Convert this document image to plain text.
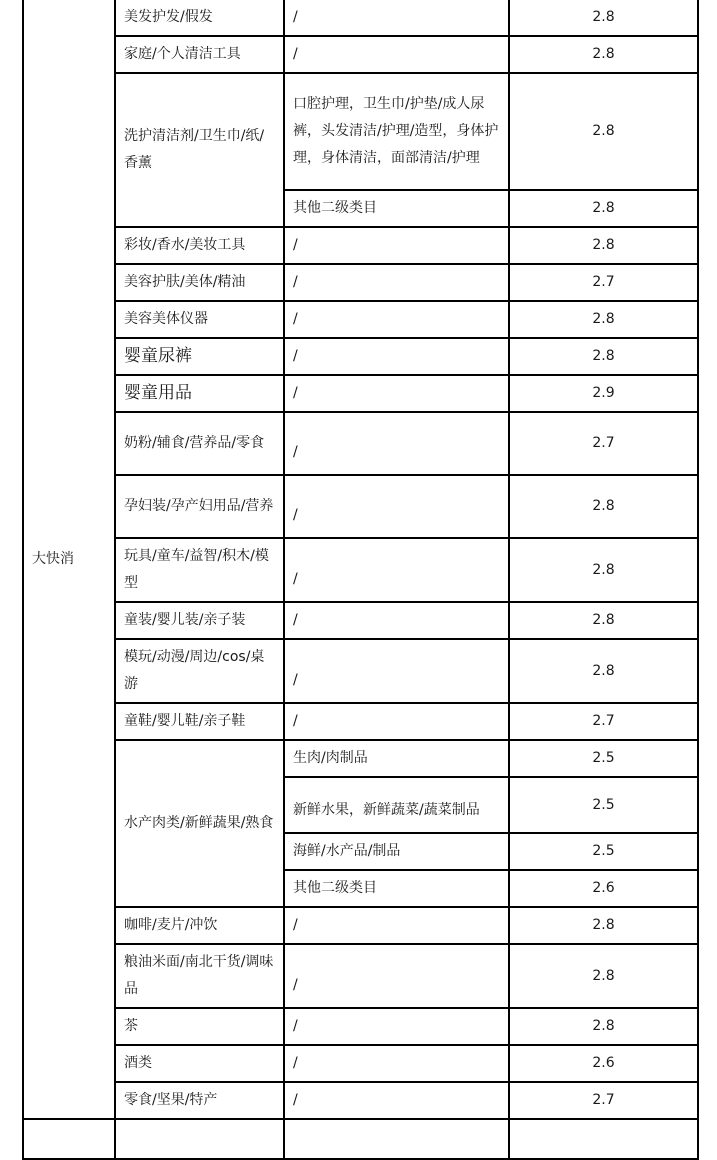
大快消	美发护发/假发	/	2.8
	家庭/个人清洁工具	/	2.8
	洗护清洁剂/卫生巾/纸/香薰	口腔护理，卫生巾/护垫/成人尿裤，头发清洁/护理/造型，身体护理，身体清洁，面部清洁/护理	2.8
		其他二级类目	2.8
	彩妆/香水/美妆工具	/	2.8
	美容护肤/美体/精油	/	2.7
	美容美体仪器	/	2.8
	婴童尿裤	/	2.8
	婴童用品	/	2.9
	奶粉/辅食/营养品/零食	/	2.7
	孕妇装/孕产妇用品/营养	/	2.8
	玩具/童车/益智/积木/模型	/	2.8
	童装/婴儿装/亲子装	/	2.8
	模玩/动漫/周边/cos/桌游	/	2.8
	童鞋/婴儿鞋/亲子鞋	/	2.7
	水产肉类/新鲜蔬果/熟食	生肉/肉制品	2.5
		新鲜水果，新鲜蔬菜/蔬菜制品	2.5
		海鲜/水产品/制品	2.5
		其他二级类目	2.6
	咖啡/麦片/冲饮	/	2.8
	粮油米面/南北干货/调味品	/	2.8
	茶	/	2.8
	酒类	/	2.6
	零食/坚果/特产	/	2.7
